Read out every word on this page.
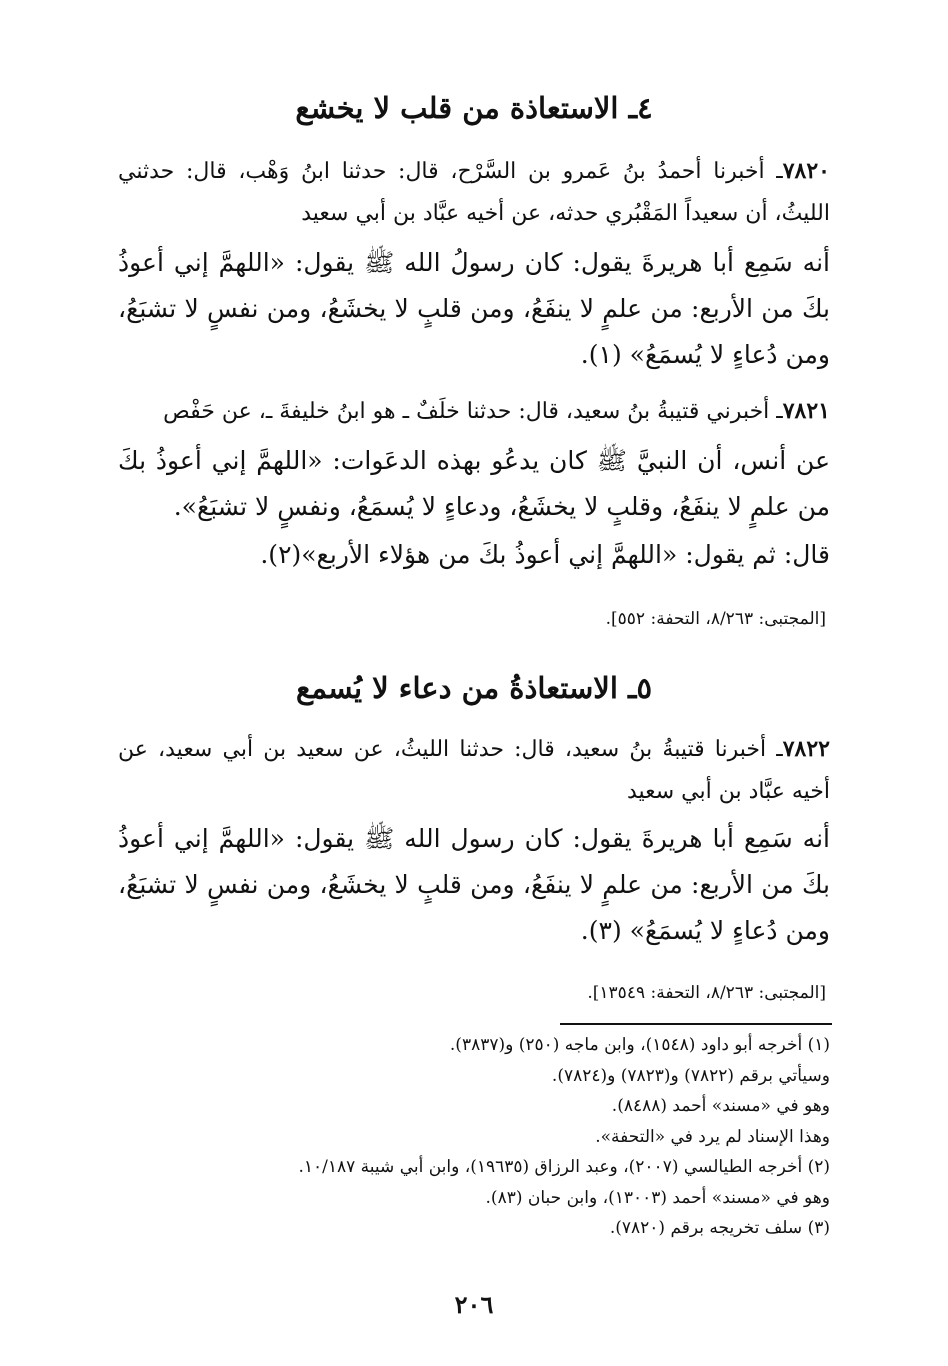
٤ـ الاستعاذة من قلب لا يخشع

٧٨٢٠ـ أخبرنا أحمدُ بنُ عَمرو بن السَّرْح، قال: حدثنا ابنُ وَهْب، قال: حدثني الليثُ، أن سعيداً المَقْبُري حدثه، عن أخيه عبَّاد بن أبي سعيد

أنه سَمِع أبا هريرةَ يقول: كان رسولُ الله ﷺ يقول: «اللهمَّ إني أعوذُ بكَ من الأربع: من علمٍ لا ينفَعُ، ومن قلبٍ لا يخشَعُ، ومن نفسٍ لا تشبَعُ، ومن دُعاءٍ لا يُسمَعُ» (١).

٧٨٢١ـ أخبرني قتيبةُ بنُ سعيد، قال: حدثنا خلَفٌ ـ هو ابنُ خليفةَ ـ، عن حَفْص

عن أنس، أن النبيَّ ﷺ كان يدعُو بهذه الدعَوات: «اللهمَّ إني أعوذُ بكَ من علمٍ لا ينفَعُ، وقلبٍ لا يخشَعُ، ودعاءٍ لا يُسمَعُ، ونفسٍ لا تشبَعُ».

قال: ثم يقول: «اللهمَّ إني أعوذُ بكَ من هؤلاء الأربع»(٢).

[المجتبى: ٨/٢٦٣، التحفة: ٥٥٢].

٥ـ الاستعاذةُ من دعاء لا يُسمع

٧٨٢٢ـ أخبرنا قتيبةُ بنُ سعيد، قال: حدثنا الليثُ، عن سعيد بن أبي سعيد، عن أخيه عبَّاد بن أبي سعيد

أنه سَمِع أبا هريرةَ يقول: كان رسول الله ﷺ يقول: «اللهمَّ إني أعوذُ بكَ من الأربع: من علمٍ لا ينفَعُ، ومن قلبٍ لا يخشَعُ، ومن نفسٍ لا تشبَعُ، ومن دُعاءٍ لا يُسمَعُ» (٣).

[المجتبى: ٨/٢٦٣، التحفة: ١٣٥٤٩].

(١) أخرجه أبو داود (١٥٤٨)، وابن ماجه (٢٥٠) و(٣٨٣٧).
وسيأتي برقم (٧٨٢٢) و(٧٨٢٣) و(٧٨٢٤).
وهو في «مسند» أحمد (٨٤٨٨).
وهذا الإسناد لم يرد في «التحفة».
(٢) أخرجه الطيالسي (٢٠٠٧)، وعبد الرزاق (١٩٦٣٥)، وابن أبي شيبة ١٠/١٨٧.
وهو في «مسند» أحمد (١٣٠٠٣)، وابن حبان (٨٣).
(٣) سلف تخريجه برقم (٧٨٢٠).
٢٠٦
